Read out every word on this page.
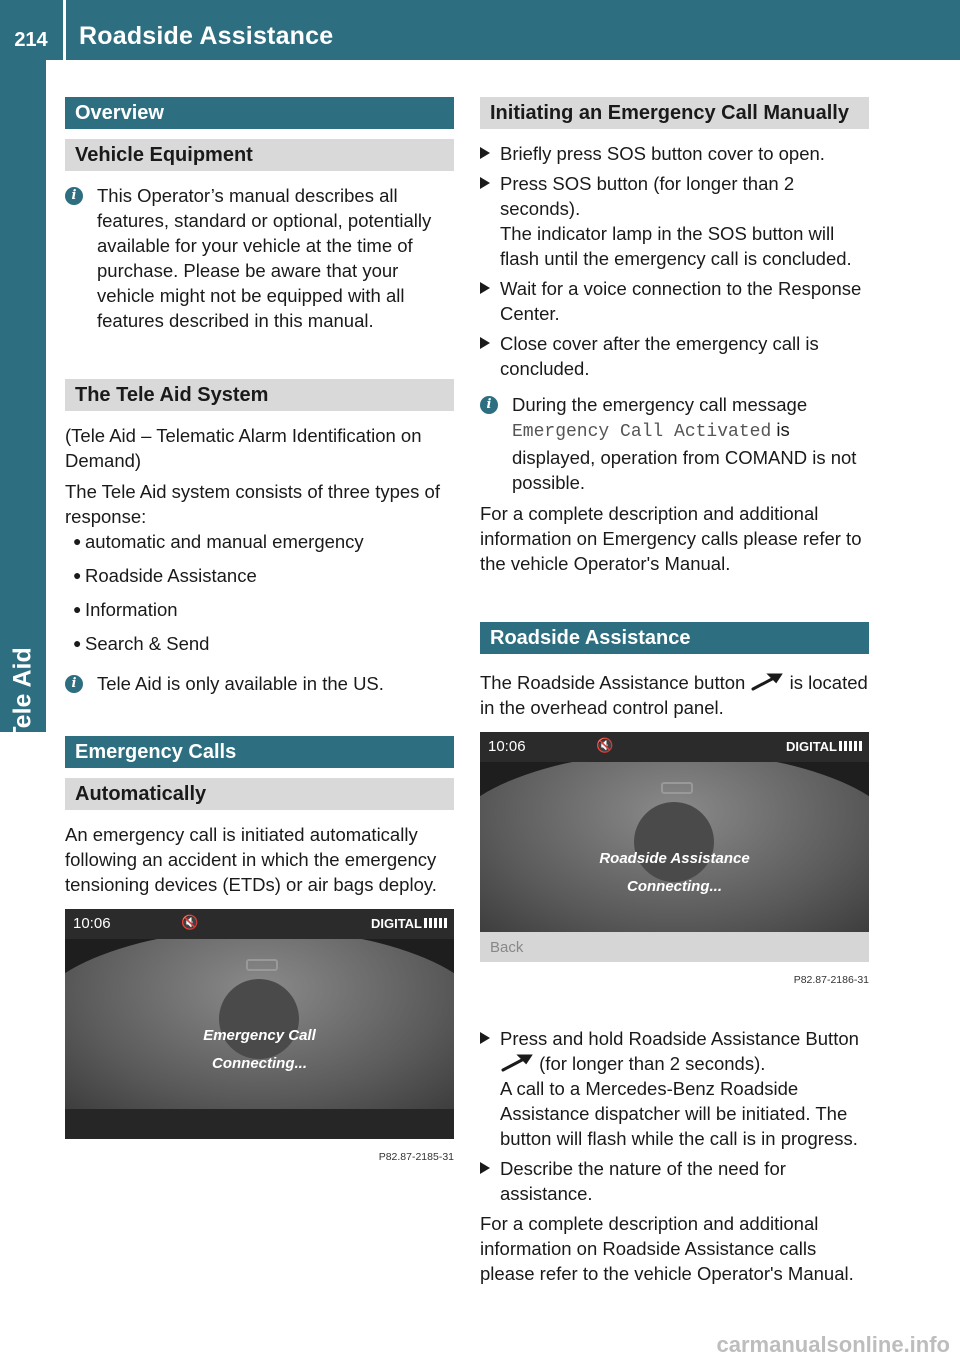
214	Roadside Assistance
Tele Aid
Overview
Vehicle Equipment
i	This Operator’s manual describes all features, standard or optional, potentially available for your vehicle at the time of purchase. Please be aware that your vehicle might not be equipped with all features described in this manual.
The Tele Aid System

(Tele Aid – Telematic Alarm Identification on Demand)

The Tele Aid system consists of three types of response:

● automatic and manual emergency
● Roadside Assistance
● Information
● Search & Send
i	Tele Aid is only available in the US.
Emergency Calls
Automatically

An emergency call is initiated automatically following an accident in which the emergency tensioning devices (ETDs) or air bags deploy.

10:06	🔇	DIGITAL
Emergency Call
Connecting...
P82.87-2185-31
Initiating an Emergency Call Manually
Briefly press SOS button cover to open.
Press SOS button (for longer than 2 seconds).
The indicator lamp in the SOS button will flash until the emergency call is concluded.
Wait for a voice connection to the Response Center.
Close cover after the emergency call is concluded.
i	During the emergency call message
Emergency Call Activated is displayed, operation from COMAND is not possible.

For a complete description and additional information on Emergency calls please refer to the vehicle Operator's Manual.

Roadside Assistance

The Roadside Assistance button is located in the overhead control panel.

10:06	🔇	DIGITAL
Roadside Assistance
Connecting...
Back
P82.87-2186-31
Press and hold Roadside Assistance Button
(for longer than 2 seconds).
A call to a Mercedes-Benz Roadside Assistance dispatcher will be initiated. The button will flash while the call is in progress.
Describe the nature of the need for assistance.

For a complete description and additional information on Roadside Assistance calls please refer to the vehicle Operator's Manual.

carmanualsonline.info
